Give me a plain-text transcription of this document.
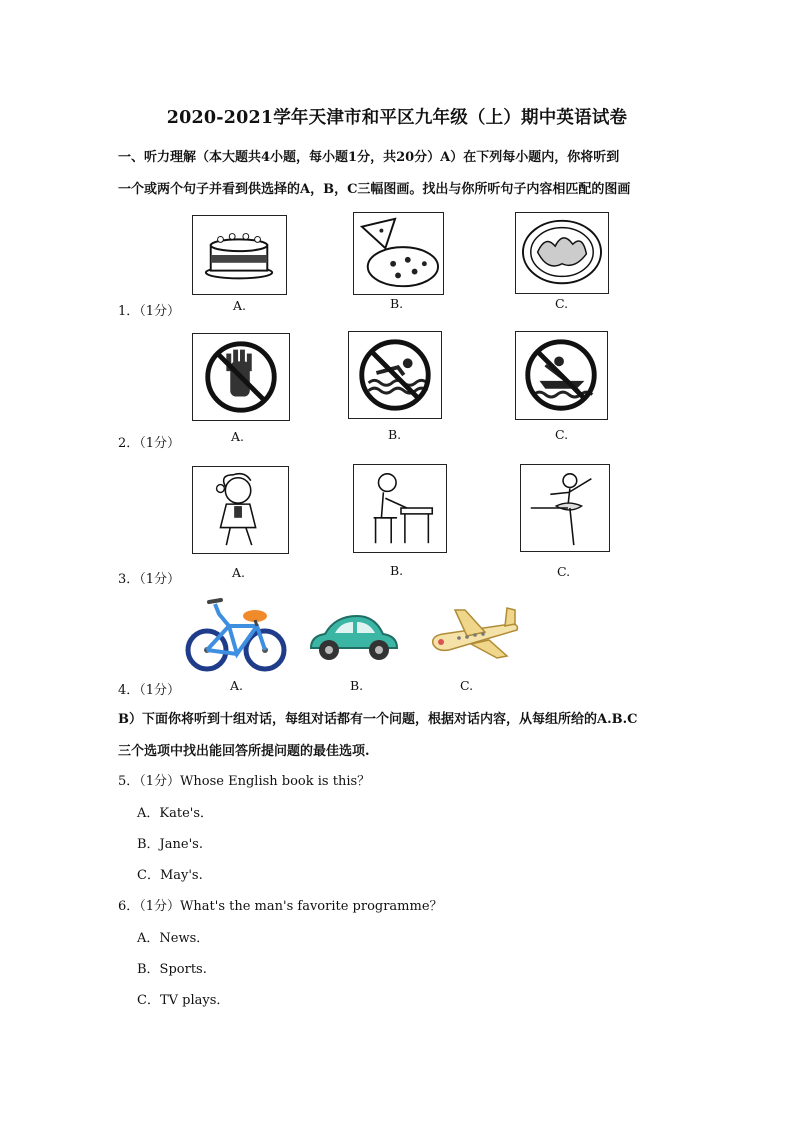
2020-2021学年天津市和平区九年级（上）期中英语试卷
一、听力理解（本大题共4小题，每小题1分，共20分）A）在下列每小题内，你将听到
一个或两个句子并看到供选择的A，B，C三幅图画。找出与你所听句子内容相匹配的图画
1．（1分）	A.	B.	C.
2．（1分）	A.	B.	C.
3．（1分）	A.	B.	C.
4．（1分）	A.	B.	C.
B）下面你将听到十组对话，每组对话都有一个问题，根据对话内容，从每组所给的A.B.C
三个选项中找出能回答所提问题的最佳选项.
5．（1分）Whose English book is this？
A．Kate's．
B．Jane's.
C．May's.
6．（1分）What's the man's favorite programme？
A．News．
B．Sports.
C．TV plays．
